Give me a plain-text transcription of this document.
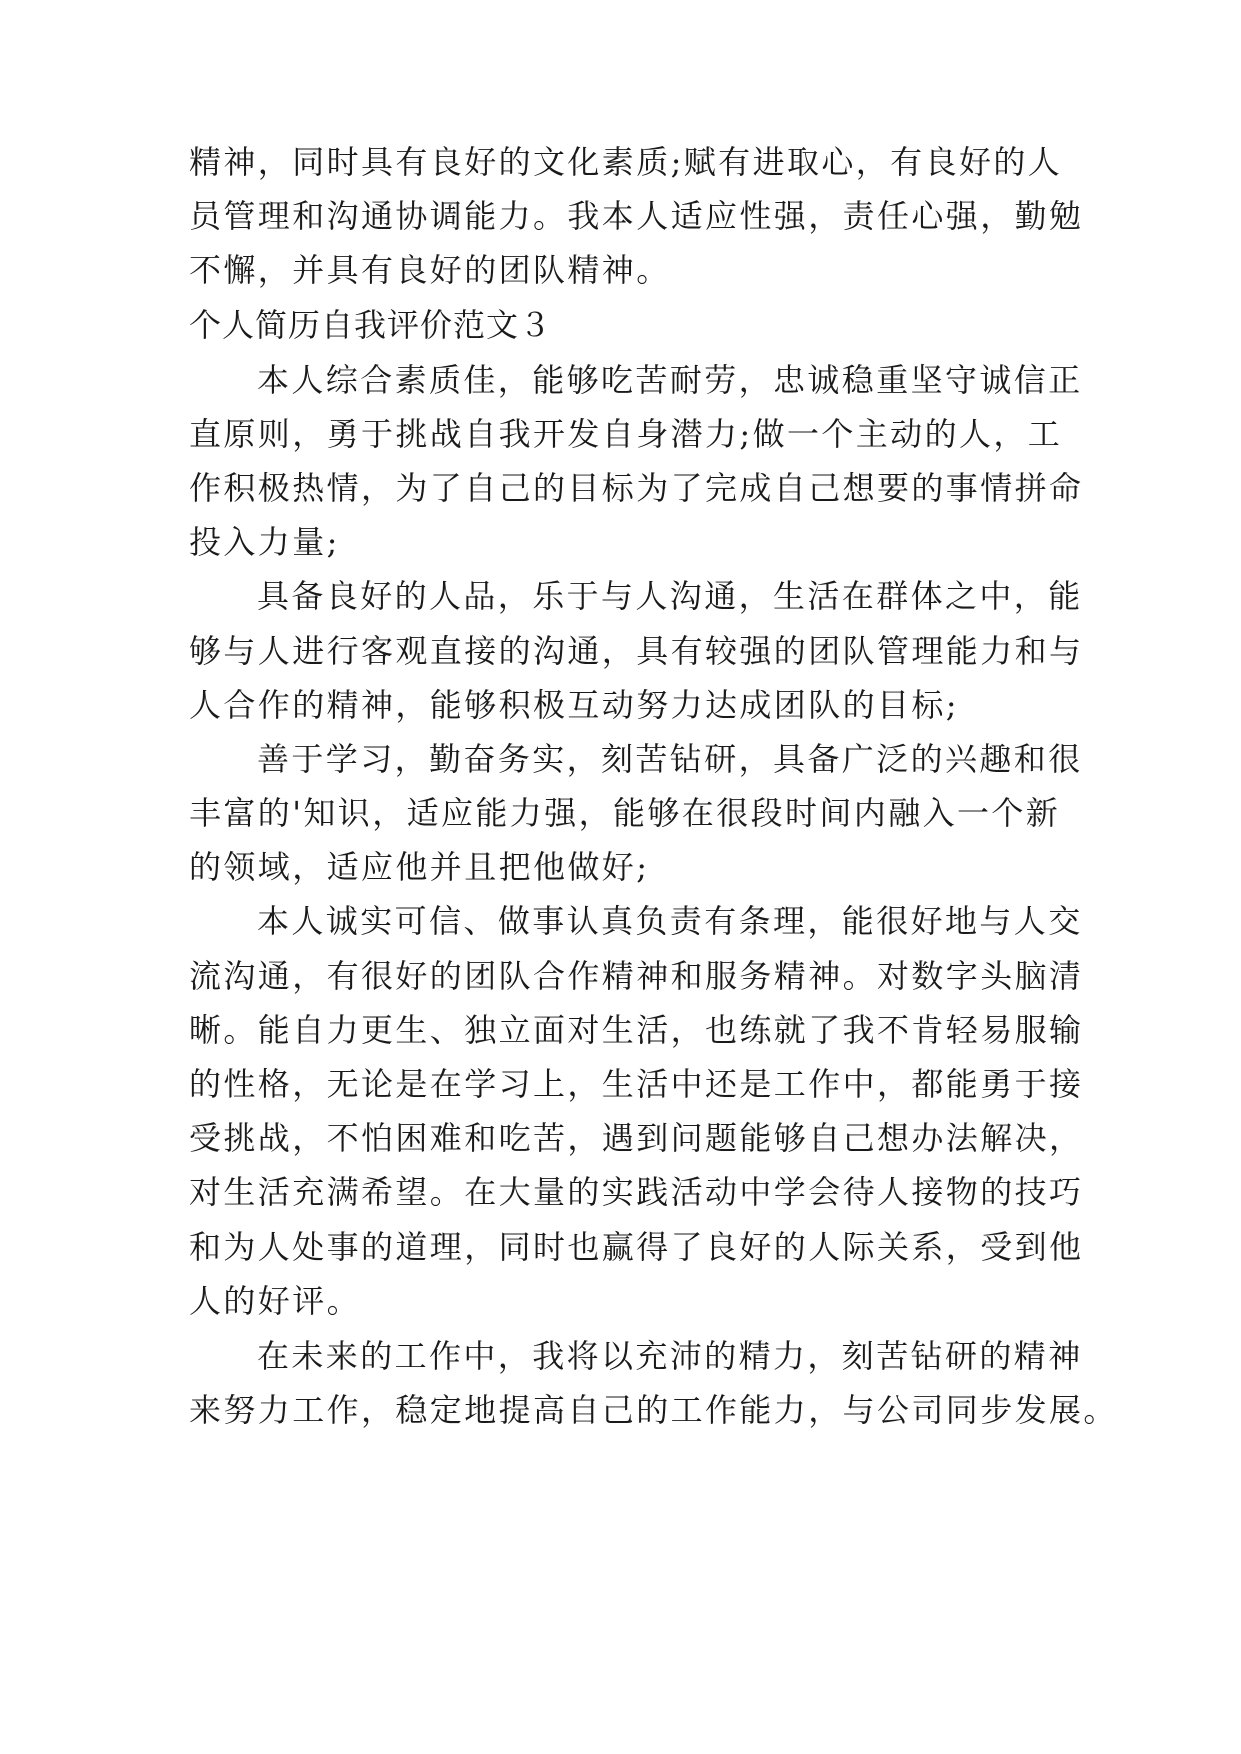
精神，同时具有良好的文化素质;赋有进取心，有良好的人
员管理和沟通协调能力。我本人适应性强，责任心强，勤勉
不懈，并具有良好的团队精神。
个人简历自我评价范文３
本人综合素质佳，能够吃苦耐劳，忠诚稳重坚守诚信正
直原则，勇于挑战自我开发自身潜力;做一个主动的人，工
作积极热情，为了自己的目标为了完成自己想要的事情拼命
投入力量;
具备良好的人品，乐于与人沟通，生活在群体之中，能
够与人进行客观直接的沟通，具有较强的团队管理能力和与
人合作的精神，能够积极互动努力达成团队的目标;
善于学习，勤奋务实，刻苦钻研，具备广泛的兴趣和很
丰富的'知识，适应能力强，能够在很段时间内融入一个新
的领域，适应他并且把他做好;
本人诚实可信、做事认真负责有条理，能很好地与人交
流沟通，有很好的团队合作精神和服务精神。对数字头脑清
晰。能自力更生、独立面对生活，也练就了我不肯轻易服输
的性格，无论是在学习上，生活中还是工作中，都能勇于接
受挑战，不怕困难和吃苦，遇到问题能够自己想办法解决，
对生活充满希望。在大量的实践活动中学会待人接物的技巧
和为人处事的道理，同时也赢得了良好的人际关系，受到他
人的好评。
在未来的工作中，我将以充沛的精力，刻苦钻研的精神
来努力工作，稳定地提高自己的工作能力，与公司同步发展。
